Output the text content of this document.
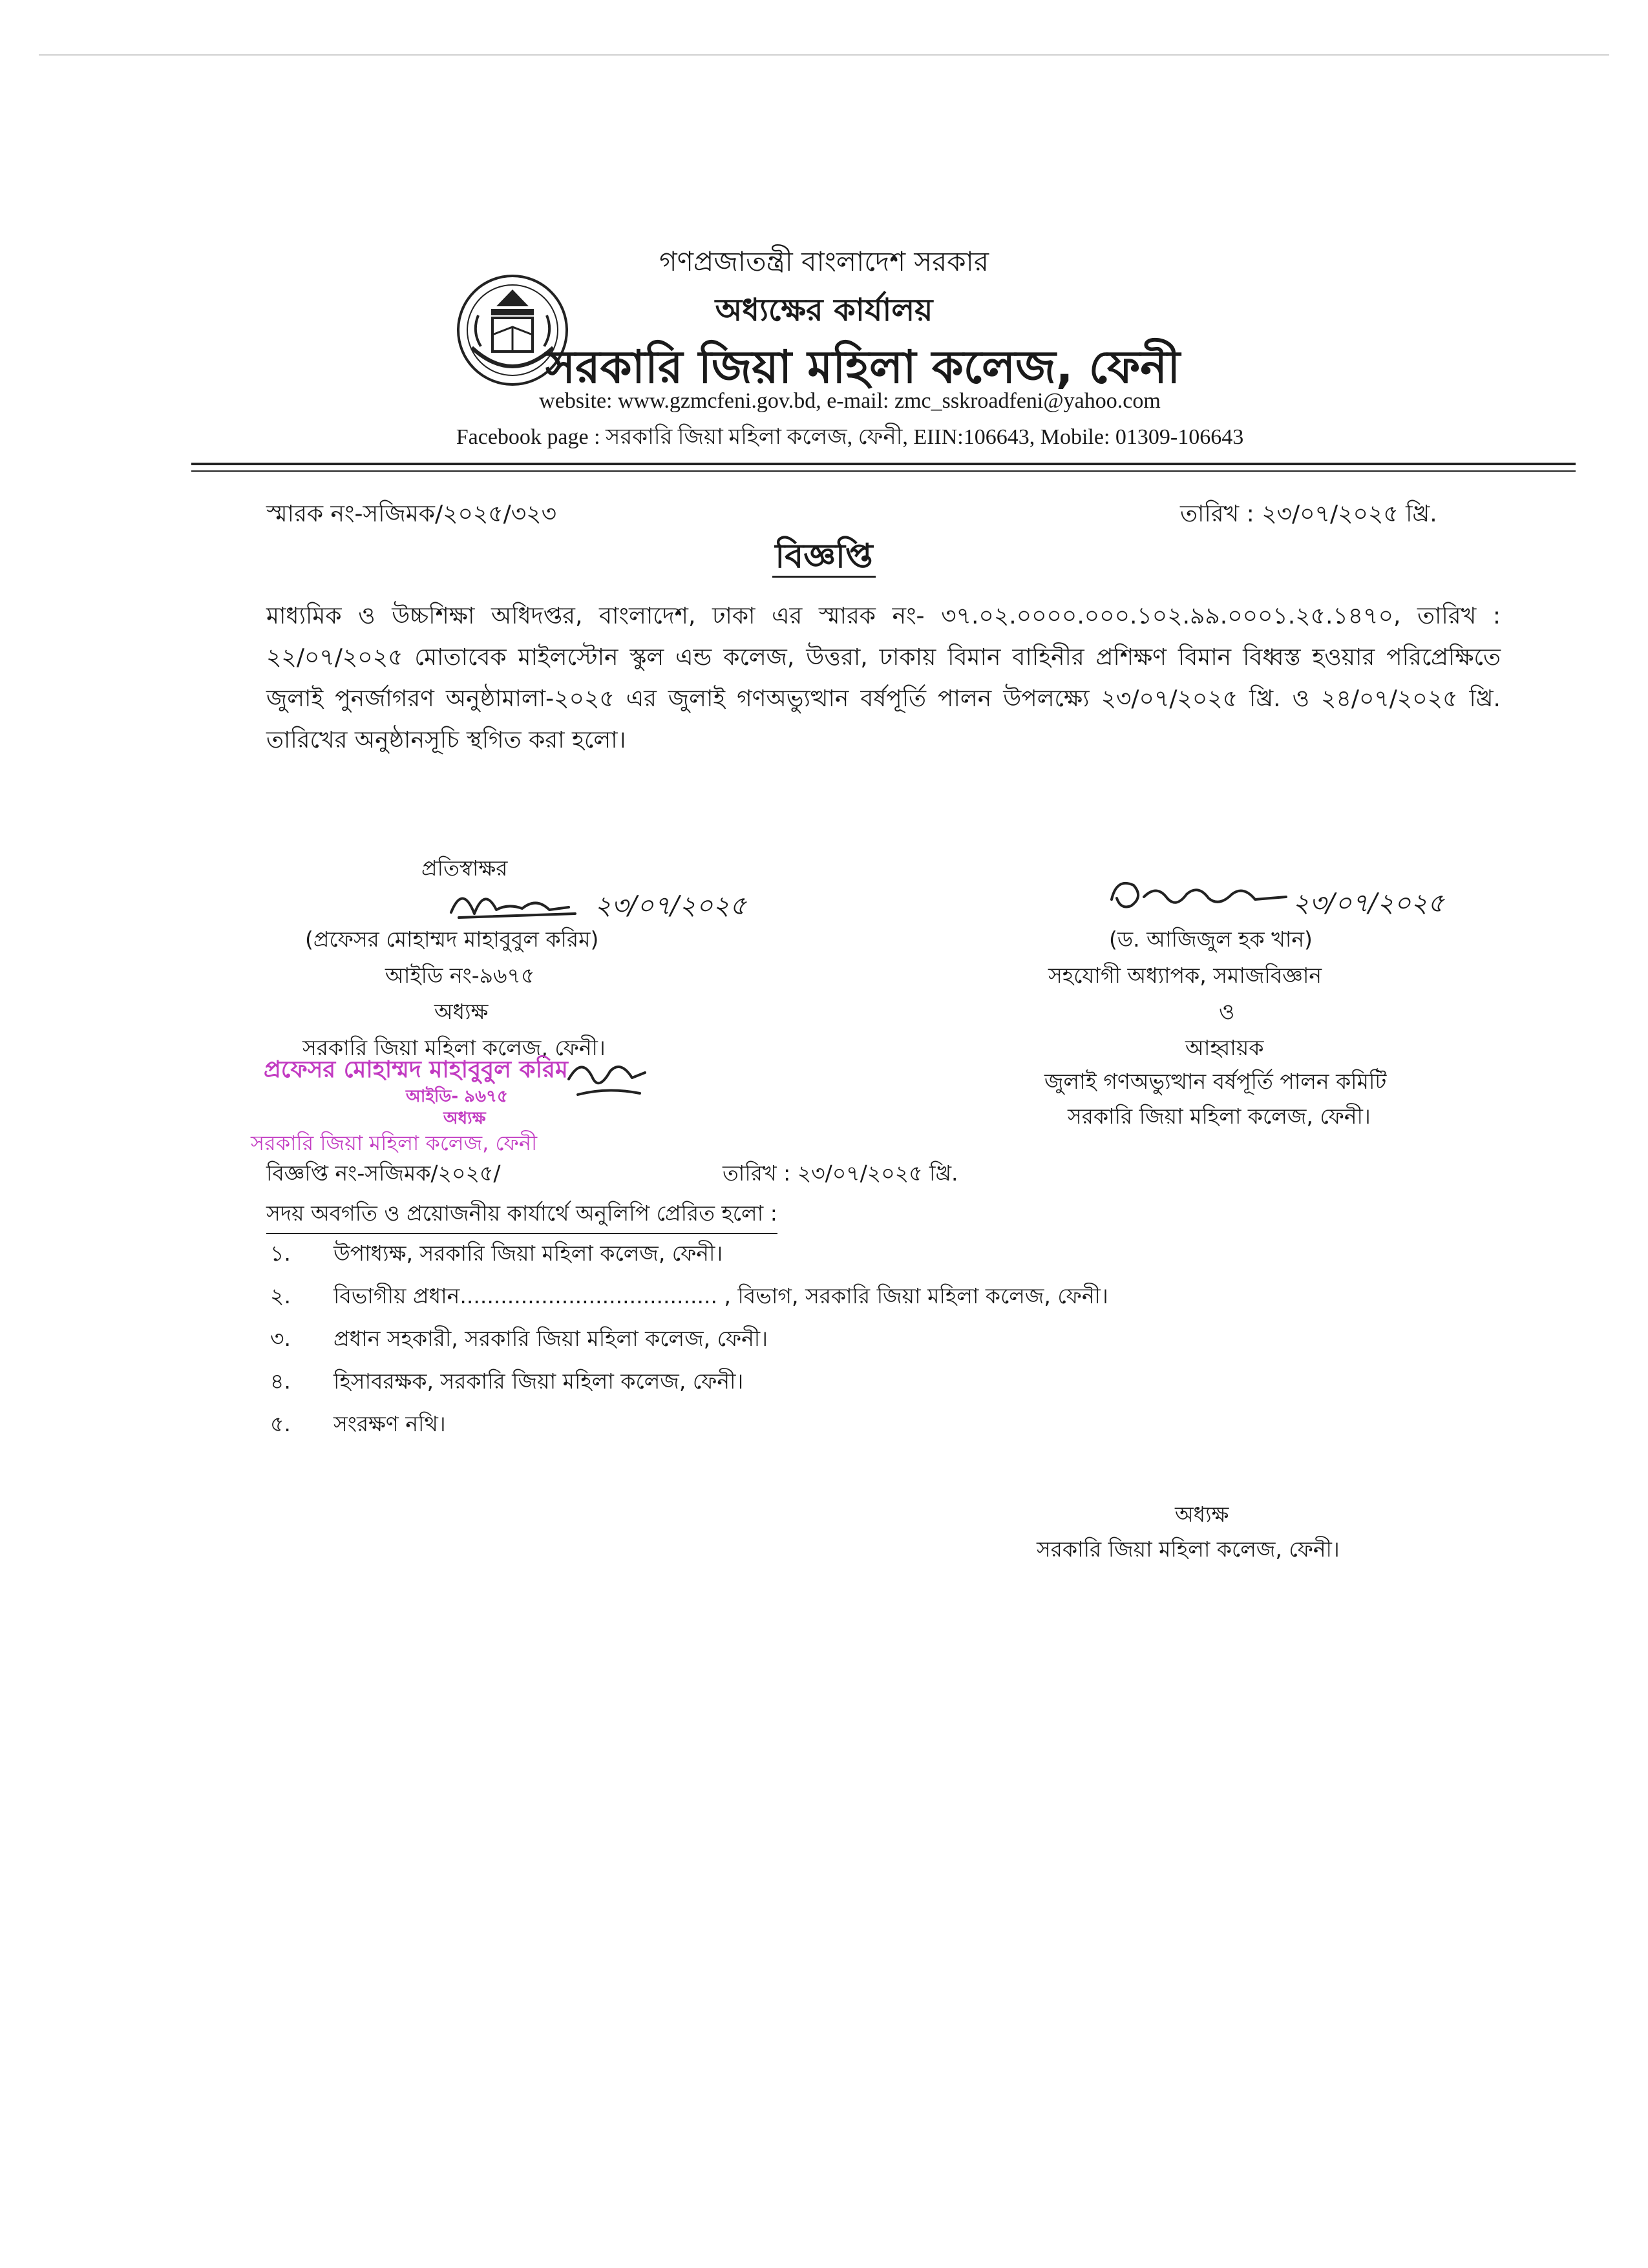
গণপ্রজাতন্ত্রী বাংলাদেশ সরকার
অধ্যক্ষের কার্যালয়
সরকারি জিয়া মহিলা কলেজ, ফেনী
website: www.gzmcfeni.gov.bd, e-mail: zmc_sskroadfeni@yahoo.com
Facebook page : সরকারি জিয়া মহিলা কলেজ, ফেনী, EIIN:106643, Mobile: 01309-106643
স্মারক নং-সজিমক/২০২৫/৩২৩	তারিখ : ২৩/০৭/২০২৫ খ্রি.
বিজ্ঞপ্তি
মাধ্যমিক ও উচ্চশিক্ষা অধিদপ্তর, বাংলাদেশ, ঢাকা এর স্মারক নং- ৩৭.০২.০০০০.০০০.১০২.৯৯.০০০১.২৫.১৪৭০, তারিখ : ২২/০৭/২০২৫ মোতাবেক মাইলস্টোন স্কুল এন্ড কলেজ, উত্তরা, ঢাকায় বিমান বাহিনীর প্রশিক্ষণ বিমান বিধ্বস্ত হওয়ার পরিপ্রেক্ষিতে জুলাই পুনর্জাগরণ অনুষ্ঠামালা-২০২৫ এর জুলাই গণঅভ্যুত্থান বর্ষপূর্তি পালন উপলক্ষ্যে ২৩/০৭/২০২৫ খ্রি. ও ২৪/০৭/২০২৫ খ্রি. তারিখের অনুষ্ঠানসূচি স্থগিত করা হলো।
প্রতিস্বাক্ষর
২৩/০৭/২০২৫
(প্রফেসর মোহাম্মদ মাহাবুবুল করিম)
আইডি নং-৯৬৭৫
অধ্যক্ষ
সরকারি জিয়া মহিলা কলেজ, ফেনী।
প্রফেসর মোহাম্মদ মাহাবুবুল করিম
আইডি- ৯৬৭৫
অধ্যক্ষ
সরকারি জিয়া মহিলা কলেজ, ফেনী
২৩/০৭/২০২৫
(ড. আজিজুল হক খান)
সহযোগী অধ্যাপক, সমাজবিজ্ঞান
ও
আহ্বায়ক
জুলাই গণঅভ্যুত্থান বর্ষপূর্তি পালন কমিটি
সরকারি জিয়া মহিলা কলেজ, ফেনী।
বিজ্ঞপ্তি নং-সজিমক/২০২৫/	তারিখ : ২৩/০৭/২০২৫ খ্রি.
সদয় অবগতি ও প্রয়োজনীয় কার্যার্থে অনুলিপি প্রেরিত হলো :
১. উপাধ্যক্ষ, সরকারি জিয়া মহিলা কলেজ, ফেনী।
২. বিভাগীয় প্রধান...................................... , বিভাগ, সরকারি জিয়া মহিলা কলেজ, ফেনী।
৩. প্রধান সহকারী, সরকারি জিয়া মহিলা কলেজ, ফেনী।
৪. হিসাবরক্ষক, সরকারি জিয়া মহিলা কলেজ, ফেনী।
৫. সংরক্ষণ নথি।
অধ্যক্ষ
সরকারি জিয়া মহিলা কলেজ, ফেনী।
